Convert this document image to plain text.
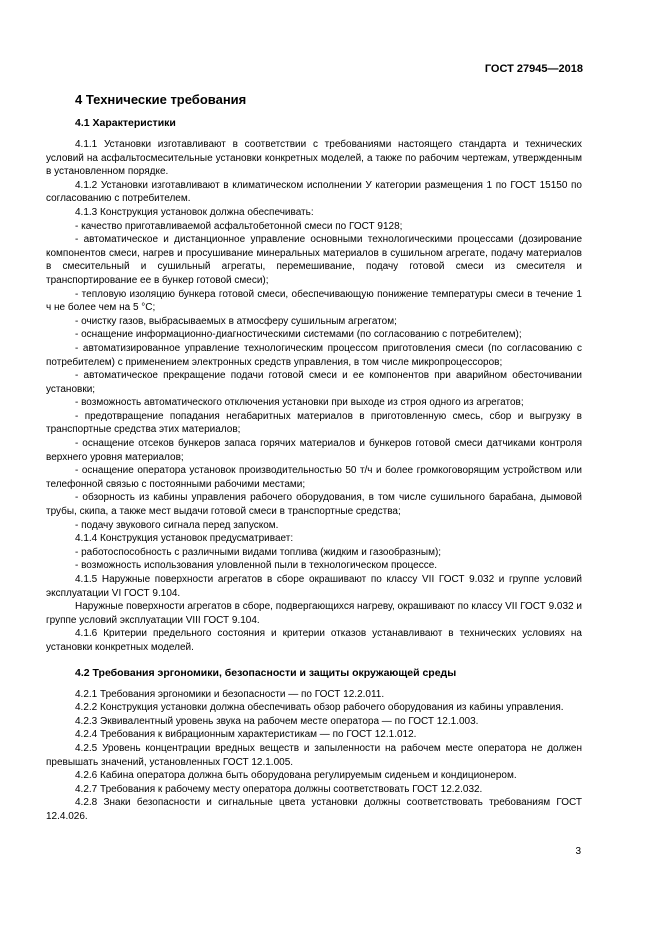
ГОСТ 27945—2018
4 Технические требования
4.1 Характеристики

4.1.1 Установки изготавливают в соответствии с требованиями настоящего стандарта и технических условий на асфальтосмесительные установки конкретных моделей, а также по рабочим чертежам, утвержденным в установленном порядке.

4.1.2 Установки изготавливают в климатическом исполнении У категории размещения 1 по ГОСТ 15150 по согласованию с потребителем.

4.1.3 Конструкция установок должна обеспечивать:

- качество приготавливаемой асфальтобетонной смеси по ГОСТ 9128;

- автоматическое и дистанционное управление основными технологическими процессами (дозирование компонентов смеси, нагрев и просушивание минеральных материалов в сушильном агрегате, подачу материалов в смесительный и сушильный агрегаты, перемешивание, подачу готовой смеси из смесителя и транспортирование ее в бункер готовой смеси);

- тепловую изоляцию бункера готовой смеси, обеспечивающую понижение температуры смеси в течение 1 ч не более чем на 5 °С;

- очистку газов, выбрасываемых в атмосферу сушильным агрегатом;

- оснащение информационно-диагностическими системами (по согласованию с потребителем);

- автоматизированное управление технологическим процессом приготовления смеси (по согласованию с потребителем) с применением электронных средств управления, в том числе микропроцессоров;

- автоматическое прекращение подачи готовой смеси и ее компонентов при аварийном обесточивании установки;

- возможность автоматического отключения установки при выходе из строя одного из агрегатов;

- предотвращение попадания негабаритных материалов в приготовленную смесь, сбор и выгрузку в транспортные средства этих материалов;

- оснащение отсеков бункеров запаса горячих материалов и бункеров готовой смеси датчиками контроля верхнего уровня материалов;

- оснащение оператора установок производительностью 50 т/ч и более громкоговорящим устройством или телефонной связью с постоянными рабочими местами;

- обзорность из кабины управления рабочего оборудования, в том числе сушильного барабана, дымовой трубы, скипа, а также мест выдачи готовой смеси в транспортные средства;

- подачу звукового сигнала перед запуском.

4.1.4 Конструкция установок предусматривает:

- работоспособность с различными видами топлива (жидким и газообразным);

- возможность использования уловленной пыли в технологическом процессе.

4.1.5 Наружные поверхности агрегатов в сборе окрашивают по классу VII ГОСТ 9.032 и группе условий эксплуатации VI ГОСТ 9.104.

Наружные поверхности агрегатов в сборе, подвергающихся нагреву, окрашивают по классу VII ГОСТ 9.032 и группе условий эксплуатации VIII ГОСТ 9.104.

4.1.6 Критерии предельного состояния и критерии отказов устанавливают в технических условиях на установки конкретных моделей.

4.2 Требования эргономики, безопасности и защиты окружающей среды

4.2.1 Требования эргономики и безопасности — по ГОСТ 12.2.011.

4.2.2 Конструкция установки должна обеспечивать обзор рабочего оборудования из кабины управления.

4.2.3 Эквивалентный уровень звука на рабочем месте оператора — по ГОСТ 12.1.003.

4.2.4 Требования к вибрационным характеристикам — по ГОСТ 12.1.012.

4.2.5 Уровень концентрации вредных веществ и запыленности на рабочем месте оператора не должен превышать значений, установленных ГОСТ 12.1.005.

4.2.6 Кабина оператора должна быть оборудована регулируемым сиденьем и кондиционером.

4.2.7 Требования к рабочему месту оператора должны соответствовать ГОСТ 12.2.032.

4.2.8 Знаки безопасности и сигнальные цвета установки должны соответствовать требованиям ГОСТ 12.4.026.

3
